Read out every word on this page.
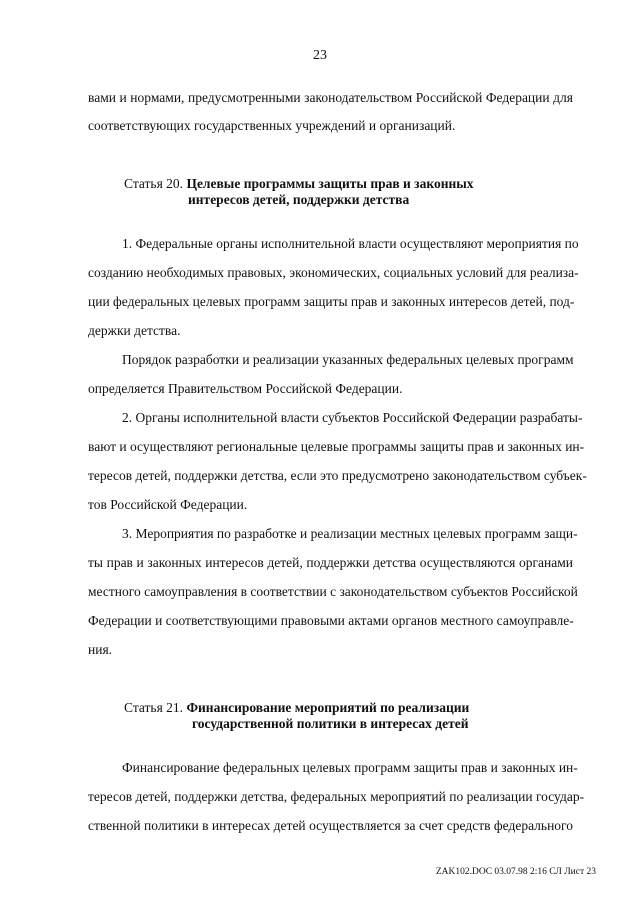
23
вами и нормами, предусмотренными законодательством Российской Федерации для
соответствующих государственных учреждений и организаций.
Статья 20. Целевые программы защиты прав и законных
интересов детей, поддержки детства
1. Федеральные органы исполнительной власти осуществляют мероприятия по
созданию необходимых правовых, экономических, социальных условий для реализа-
ции федеральных целевых программ защиты прав и законных интересов детей, под-
держки детства.
Порядок разработки и реализации указанных федеральных целевых программ
определяется Правительством Российской Федерации.
2. Органы исполнительной власти субъектов Российской Федерации разрабаты-
вают и осуществляют региональные целевые программы защиты прав и законных ин-
тересов детей, поддержки детства, если это предусмотрено законодательством субъек-
тов Российской Федерации.
3. Мероприятия по разработке и реализации местных целевых программ защи-
ты прав и законных интересов детей, поддержки детства осуществляются органами
местного самоуправления в соответствии с законодательством субъектов Российской
Федерации и соответствующими правовыми актами органов местного самоуправле-
ния.
Статья 21. Финансирование мероприятий по реализации
государственной политики в интересах детей
Финансирование федеральных целевых программ защиты прав и законных ин-
тересов детей, поддержки детства, федеральных мероприятий по реализации государ-
ственной политики в интересах детей осуществляется за счет средств федерального
ZAK102.DOC 03.07.98 2:16 СЛ Лист 23
